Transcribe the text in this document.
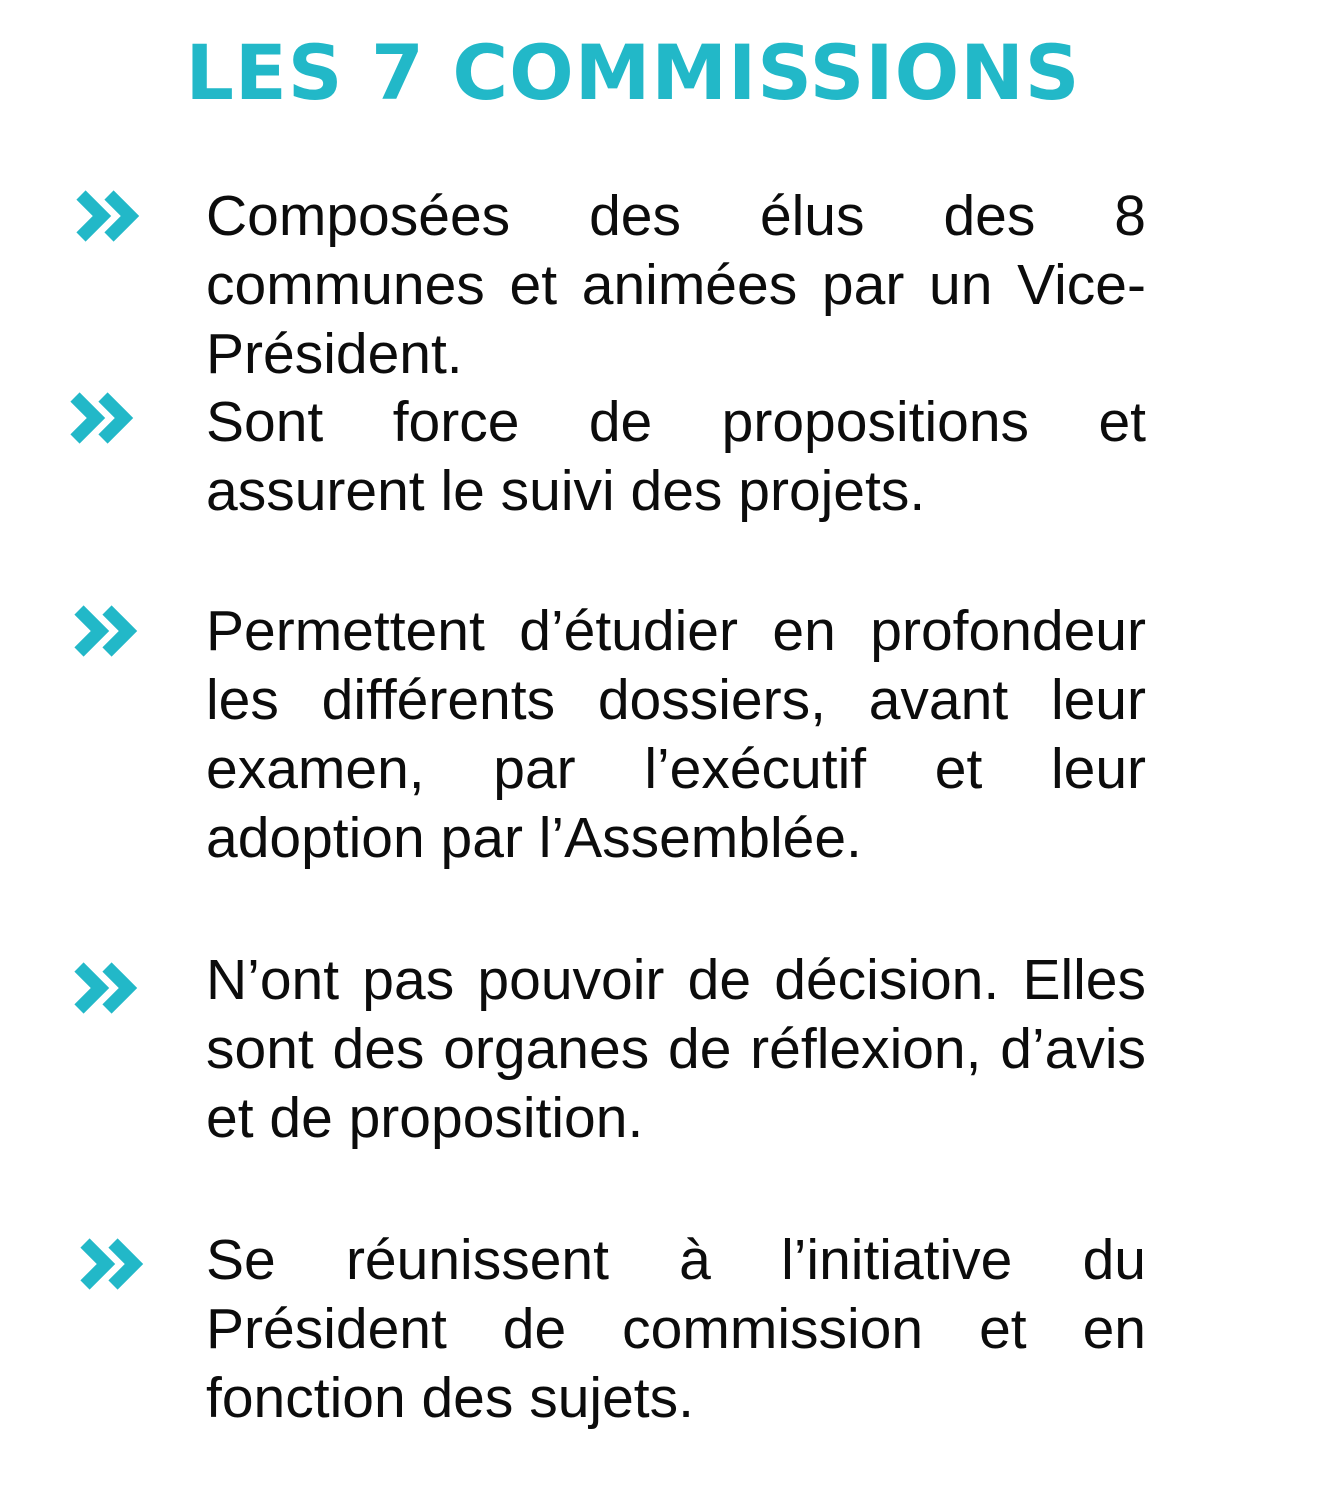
LES 7 COMMISSIONS

Composées des élus des 8 communes et animées par un Vice-Président.

Sont force de propositions et assurent le suivi des projets.

Permettent d’étudier en profondeur les différents dossiers, avant leur examen, par l’exécutif et leur adoption par l’Assemblée.

N’ont pas pouvoir de décision. Elles sont des organes de réflexion, d’avis et de proposition.

Se réunissent à l’initiative du Président de commission et en fonction des sujets.
